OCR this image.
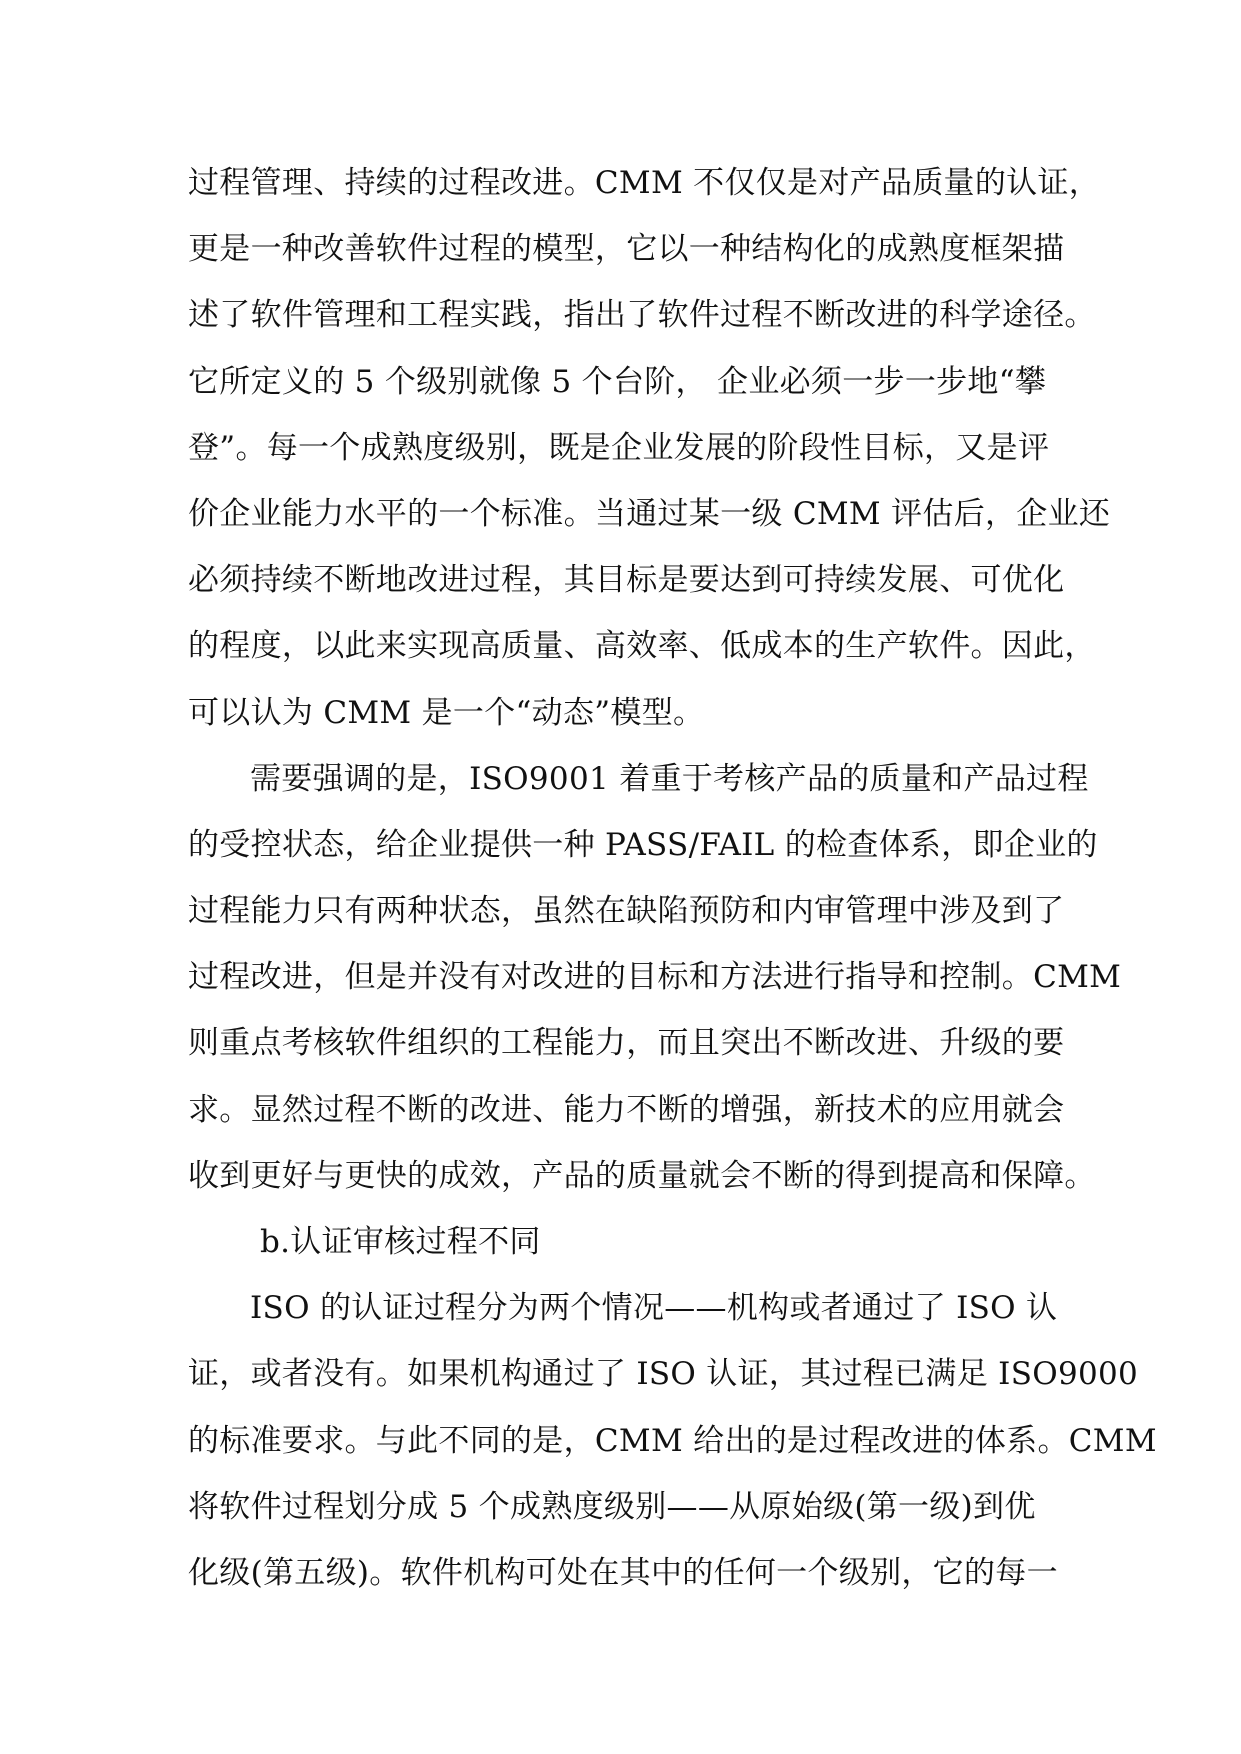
过程管理、持续的过程改进。CMM 不仅仅是对产品质量的认证，
更是一种改善软件过程的模型，它以一种结构化的成熟度框架描
述了软件管理和工程实践，指出了软件过程不断改进的科学途径。
它所定义的 5 个级别就像 5 个台阶， 企业必须一步一步地“攀
登”。每一个成熟度级别，既是企业发展的阶段性目标，又是评
价企业能力水平的一个标准。当通过某一级 CMM 评估后，企业还
必须持续不断地改进过程，其目标是要达到可持续发展、可优化
的程度，以此来实现高质量、高效率、低成本的生产软件。因此，
可以认为 CMM 是一个“动态”模型。
需要强调的是，ISO9001 着重于考核产品的质量和产品过程
的受控状态，给企业提供一种 PASS/FAIL 的检查体系，即企业的
过程能力只有两种状态，虽然在缺陷预防和内审管理中涉及到了
过程改进，但是并没有对改进的目标和方法进行指导和控制。CMM
则重点考核软件组织的工程能力，而且突出不断改进、升级的要
求。显然过程不断的改进、能力不断的增强，新技术的应用就会
收到更好与更快的成效，产品的质量就会不断的得到提高和保障。
b.认证审核过程不同
ISO 的认证过程分为两个情况——机构或者通过了 ISO 认
证，或者没有。如果机构通过了 ISO 认证，其过程已满足 ISO9000
的标准要求。与此不同的是，CMM 给出的是过程改进的体系。CMM
将软件过程划分成 5 个成熟度级别——从原始级(第一级)到优
化级(第五级)。软件机构可处在其中的任何一个级别，它的每一
